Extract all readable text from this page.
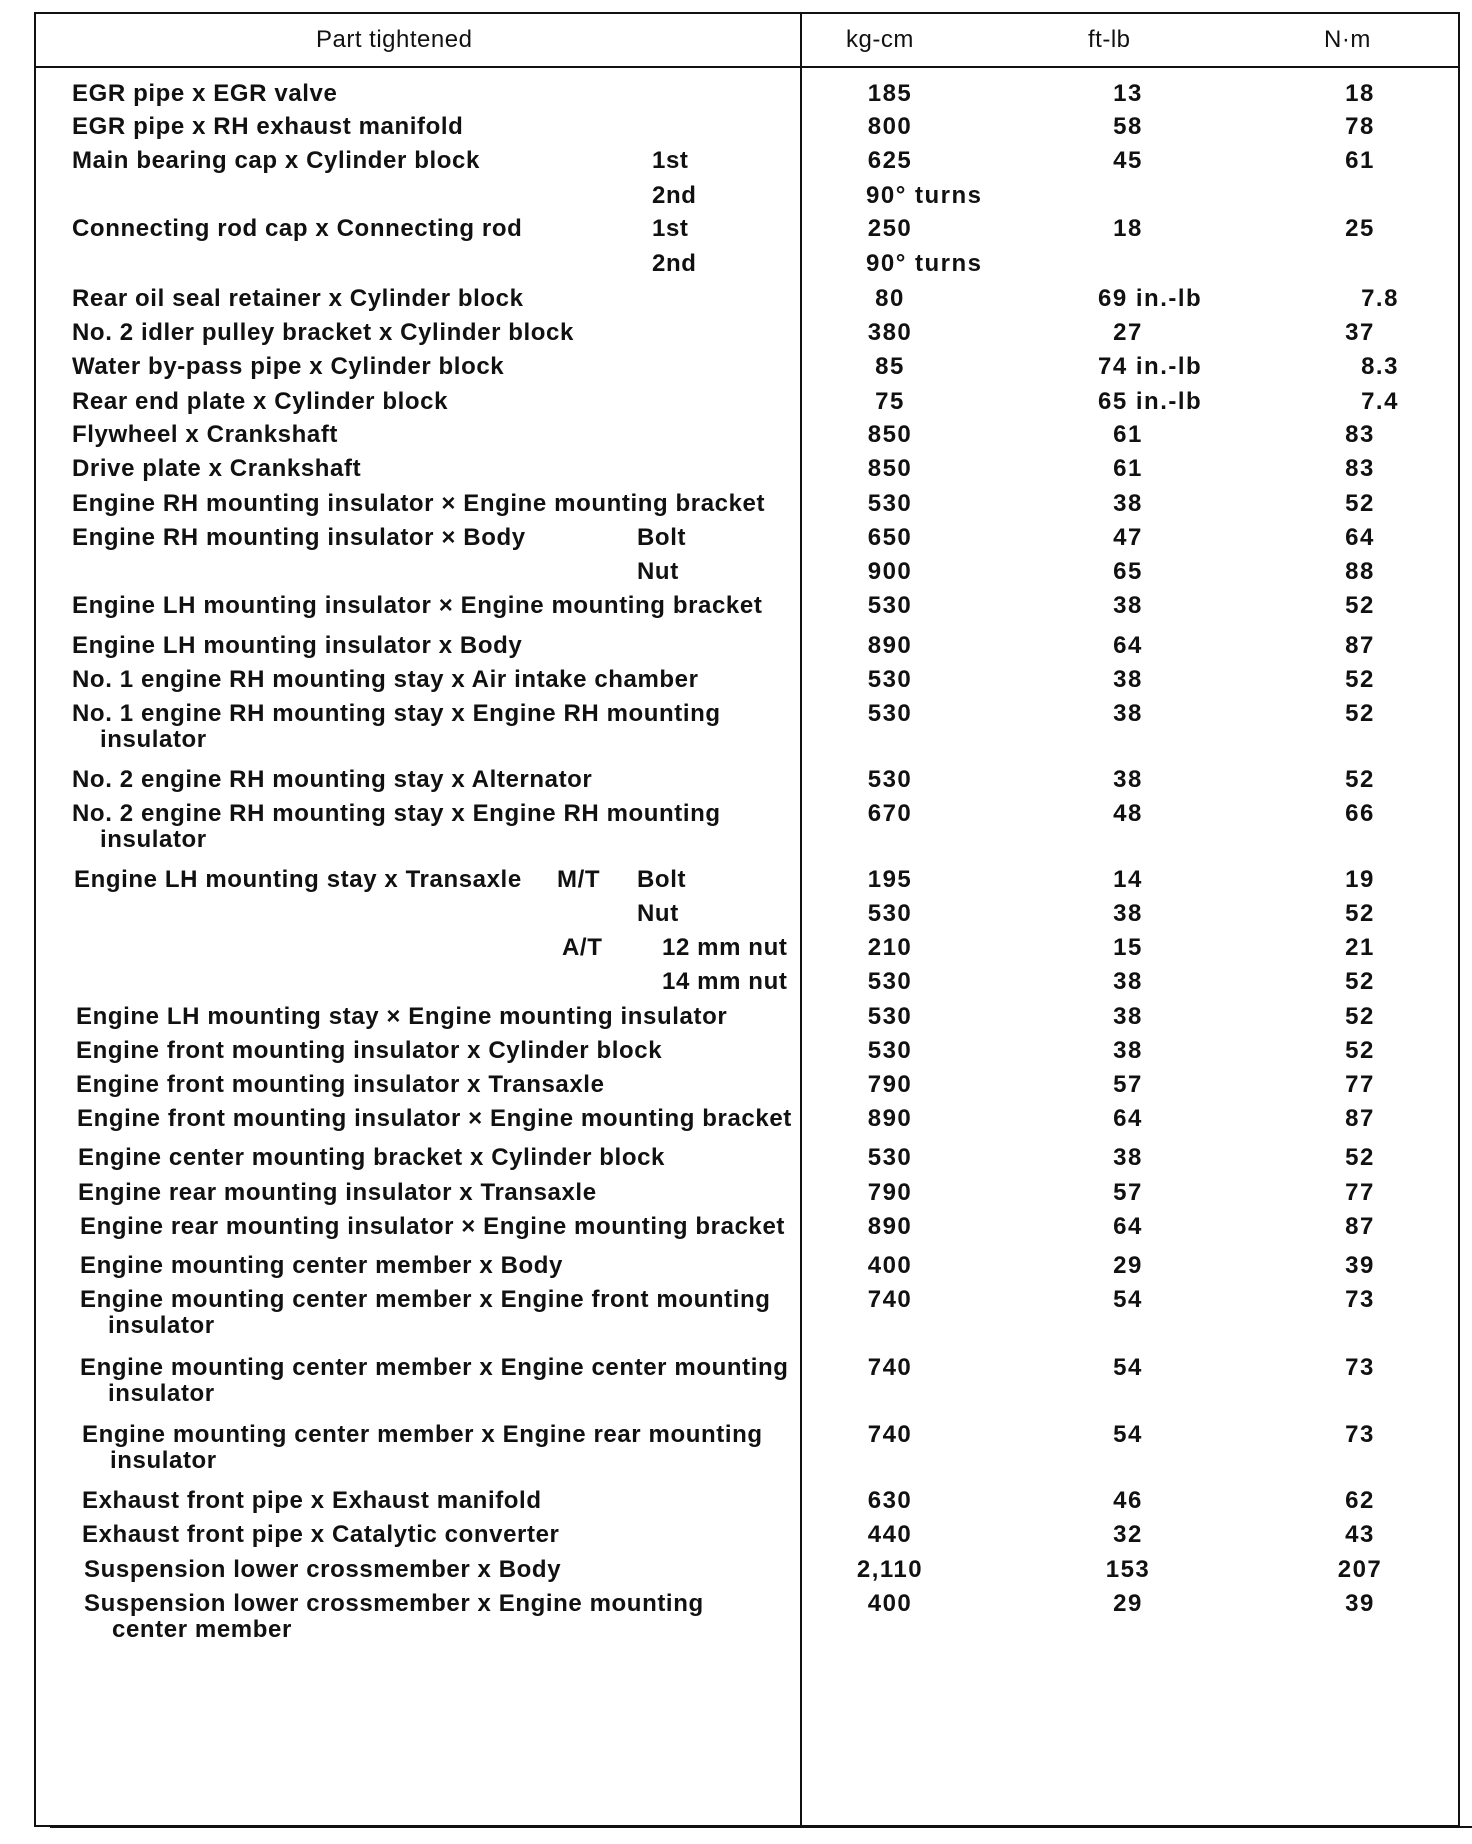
Part tightened	kg-cm	ft-lb	N·m
EGR pipe x EGR valve	185	13	18
EGR pipe x RH exhaust manifold	800	58	78
Main bearing cap x Cylinder block	1st	625	45	61
2nd	90° turns
Connecting rod cap x Connecting rod	1st	250	18	25
2nd	90° turns
Rear oil seal retainer x Cylinder block	80	69 in.-lb	7.8
No. 2 idler pulley bracket x Cylinder block	380	27	37
Water by-pass pipe x Cylinder block	85	74 in.-lb	8.3
Rear end plate x Cylinder block	75	65 in.-lb	7.4
Flywheel x Crankshaft	850	61	83
Drive plate x Crankshaft	850	61	83
Engine RH mounting insulator × Engine mounting bracket	530	38	52
Engine RH mounting insulator × Body	Bolt	650	47	64
Nut	900	65	88
Engine LH mounting insulator × Engine mounting bracket	530	38	52
Engine LH mounting insulator x Body	890	64	87
No. 1 engine RH mounting stay x Air intake chamber	530	38	52
No. 1 engine RH mounting stay x Engine RH mounting
insulator
530	38	52
No. 2 engine RH mounting stay x Alternator	530	38	52
No. 2 engine RH mounting stay x Engine RH mounting
insulator
670	48	66
Engine LH mounting stay x Transaxle M/T Bolt	195	14	19
Nut	530	38	52
A/T 12 mm nut	210	15	21
14 mm nut	530	38	52
Engine LH mounting stay × Engine mounting insulator	530	38	52
Engine front mounting insulator x Cylinder block	530	38	52
Engine front mounting insulator x Transaxle	790	57	77
Engine front mounting insulator × Engine mounting bracket	890	64	87
Engine center mounting bracket x Cylinder block	530	38	52
Engine rear mounting insulator x Transaxle	790	57	77
Engine rear mounting insulator × Engine mounting bracket	890	64	87
Engine mounting center member x Body	400	29	39
Engine mounting center member x Engine front mounting
insulator
740	54	73
Engine mounting center member x Engine center mounting
insulator
740	54	73
Engine mounting center member x Engine rear mounting
insulator
740	54	73
Exhaust front pipe x Exhaust manifold	630	46	62
Exhaust front pipe x Catalytic converter	440	32	43
Suspension lower crossmember x Body	2,110	153	207
Suspension lower crossmember x Engine mounting
center member
400	29	39
